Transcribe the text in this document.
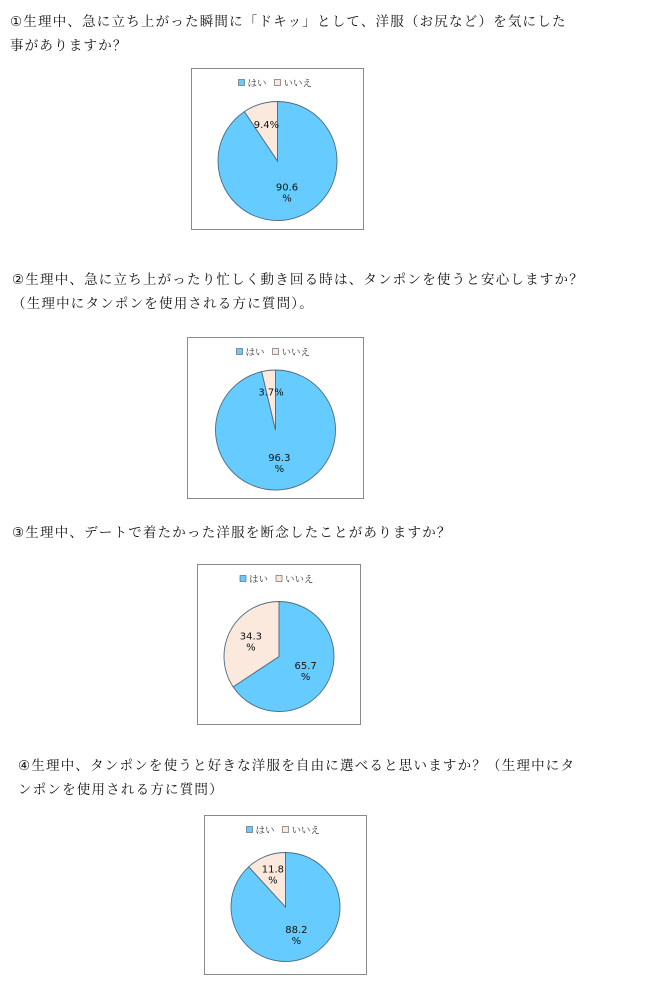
①生理中、急に立ち上がった瞬間に「ドキッ」として、洋服（お尻など）を気にした
事がありますか？

はい いいえ
9.4%
90.6 %

②生理中、急に立ち上がったり忙しく動き回る時は、タンポンを使うと安心しますか？
（生理中にタンポンを使用される方に質問）。

はい いいえ
3.7%
96.3 %

③生理中、デートで着たかった洋服を断念したことがありますか？

はい いいえ
34.3 %
65.7 %

④生理中、タンポンを使うと好きな洋服を自由に選べると思いますか？（生理中にタ
ンポンを使用される方に質問）

はい いいえ
11.8 %
88.2 %
